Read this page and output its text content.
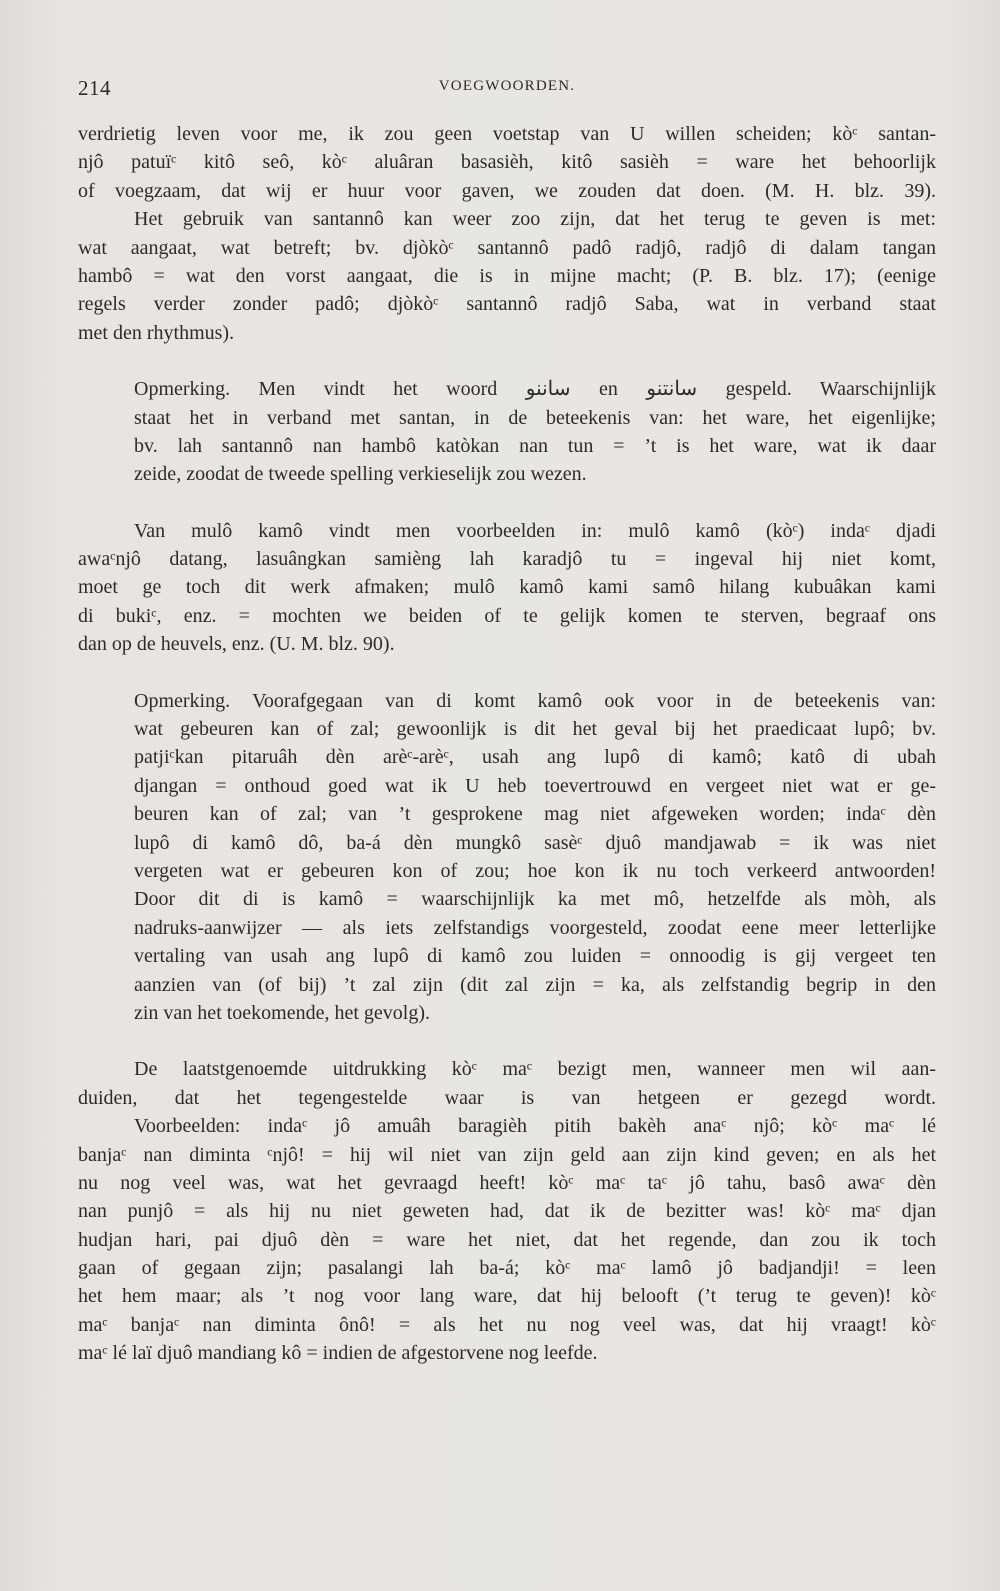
214	VOEGWOORDEN.
verdrietig leven voor me, ik zou geen voetstap van U willen scheiden; kòᶜ santan-
njô patuïᶜ kitô seô, kòᶜ aluâran basasièh, kitô sasièh = ware het behoorlijk
of voegzaam, dat wij er huur voor gaven, we zouden dat doen. (M. H. blz. 39).
Het gebruik van santannô kan weer zoo zijn, dat het terug te geven is met:
wat aangaat, wat betreft; bv. djòkòᶜ santannô padô radjô, radjô di dalam tangan
hambô = wat den vorst aangaat, die is in mijne macht; (P. B. blz. 17); (eenige
regels verder zonder padô; djòkòᶜ santannô radjô Saba, wat in verband staat
met den rhythmus).
Opmerking. Men vindt het woord ساننو en سانتنو gespeld. Waarschijnlijk
staat het in verband met santan, in de beteekenis van: het ware, het eigenlijke;
bv. lah santannô nan hambô katòkan nan tun = ’t is het ware, wat ik daar
zeide, zoodat de tweede spelling verkieselijk zou wezen.
Van mulô kamô vindt men voorbeelden in: mulô kamô (kòᶜ) indaᶜ djadi
awaᶜnjô datang, lasuângkan samièng lah karadjô tu = ingeval hij niet komt,
moet ge toch dit werk afmaken; mulô kamô kami samô hilang kubuâkan kami
di bukiᶜ, enz. = mochten we beiden of te gelijk komen te sterven, begraaf ons
dan op de heuvels, enz. (U. M. blz. 90).
Opmerking. Voorafgegaan van di komt kamô ook voor in de beteekenis van:
wat gebeuren kan of zal; gewoonlijk is dit het geval bij het praedicaat lupô; bv.
patjiᶜkan pitaruâh dèn arèᶜ-arèᶜ, usah ang lupô di kamô; katô di ubah
djangan = onthoud goed wat ik U heb toevertrouwd en vergeet niet wat er ge-
beuren kan of zal; van ’t gesprokene mag niet afgeweken worden; indaᶜ dèn
lupô di kamô dô, ba-á dèn mungkô sasèᶜ djuô mandjawab = ik was niet
vergeten wat er gebeuren kon of zou; hoe kon ik nu toch verkeerd antwoorden!
Door dit di is kamô = waarschijnlijk ka met mô, hetzelfde als mòh, als
nadruks-aanwijzer — als iets zelfstandigs voorgesteld, zoodat eene meer letterlijke
vertaling van usah ang lupô di kamô zou luiden = onnoodig is gij vergeet ten
aanzien van (of bij) ’t zal zijn (dit zal zijn = ka, als zelfstandig begrip in den
zin van het toekomende, het gevolg).
De laatstgenoemde uitdrukking kòᶜ maᶜ bezigt men, wanneer men wil aan-
duiden, dat het tegengestelde waar is van hetgeen er gezegd wordt.
Voorbeelden: indaᶜ jô amuâh baragièh pitih bakèh anaᶜ njô; kòᶜ maᶜ lé
banjaᶜ nan diminta ᶜnjô! = hij wil niet van zijn geld aan zijn kind geven; en als het
nu nog veel was, wat het gevraagd heeft! kòᶜ maᶜ taᶜ jô tahu, basô awaᶜ dèn
nan punjô = als hij nu niet geweten had, dat ik de bezitter was! kòᶜ maᶜ djan
hudjan hari, pai djuô dèn = ware het niet, dat het regende, dan zou ik toch
gaan of gegaan zijn; pasalangi lah ba-á; kòᶜ maᶜ lamô jô badjandji! = leen
het hem maar; als ’t nog voor lang ware, dat hij belooft (’t terug te geven)! kòᶜ
maᶜ banjaᶜ nan diminta ônô! = als het nu nog veel was, dat hij vraagt! kòᶜ
maᶜ lé laï djuô mandiang kô = indien de afgestorvene nog leefde.
